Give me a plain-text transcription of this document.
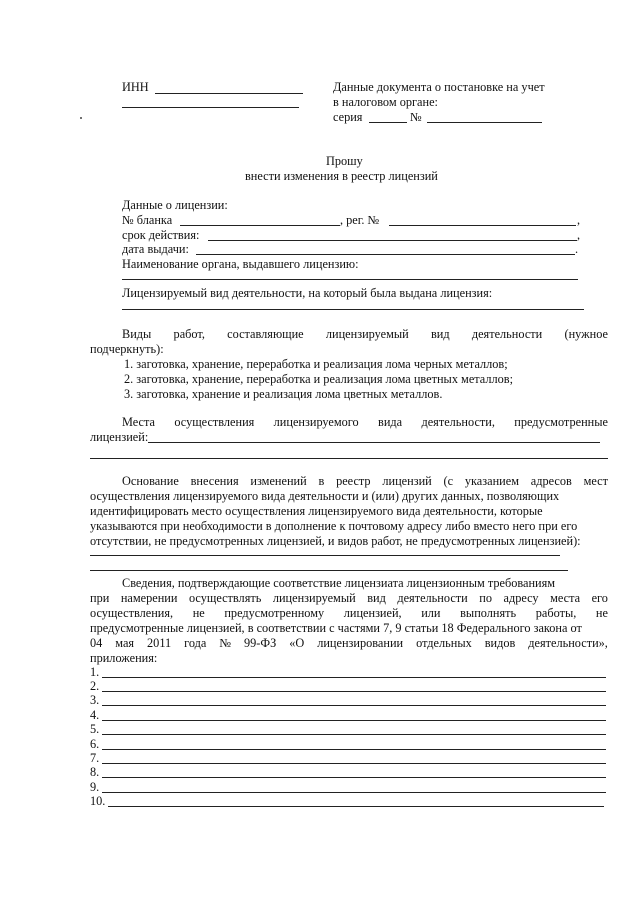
ИНН	Данные документа о постановке на учет
в налоговом органе:
серия	№
Прошу
внести изменения в реестр лицензий
Данные о лицензии:
№ бланка	, рег. №	,
срок действия:	,
дата выдачи:	.
Наименование органа, выдавшего лицензию:
Лицензируемый вид деятельности, на который была выдана лицензия:
Виды работ, составляющие лицензируемый вид деятельности (нужное
подчеркнуть):
1. заготовка, хранение, переработка и реализация лома черных металлов;
2. заготовка, хранение, переработка и реализация лома цветных металлов;
3. заготовка, хранение и реализация лома цветных металлов.
Места осуществления лицензируемого вида деятельности, предусмотренные
лицензией:
Основание внесения изменений в реестр лицензий (с указанием адресов мест
осуществления лицензируемого вида деятельности и (или) других данных, позволяющих
идентифицировать место осуществления лицензируемого вида деятельности, которые
указываются при необходимости в дополнение к почтовому адресу либо вместо него при его
отсутствии, не предусмотренных лицензией, и видов работ, не предусмотренных лицензией):
Сведения, подтверждающие соответствие лицензиата лицензионным требованиям
при намерении осуществлять лицензируемый вид деятельности по адресу места его
осуществления, не предусмотренному лицензией, или выполнять работы, не
предусмотренные лицензией, в соответствии с частями 7, 9 статьи 18 Федерального закона от
04 мая 2011 года № 99-ФЗ «О лицензировании отдельных видов деятельности»,
приложения:
1.
2.
3.
4.
5.
6.
7.
8.
9.
10.
